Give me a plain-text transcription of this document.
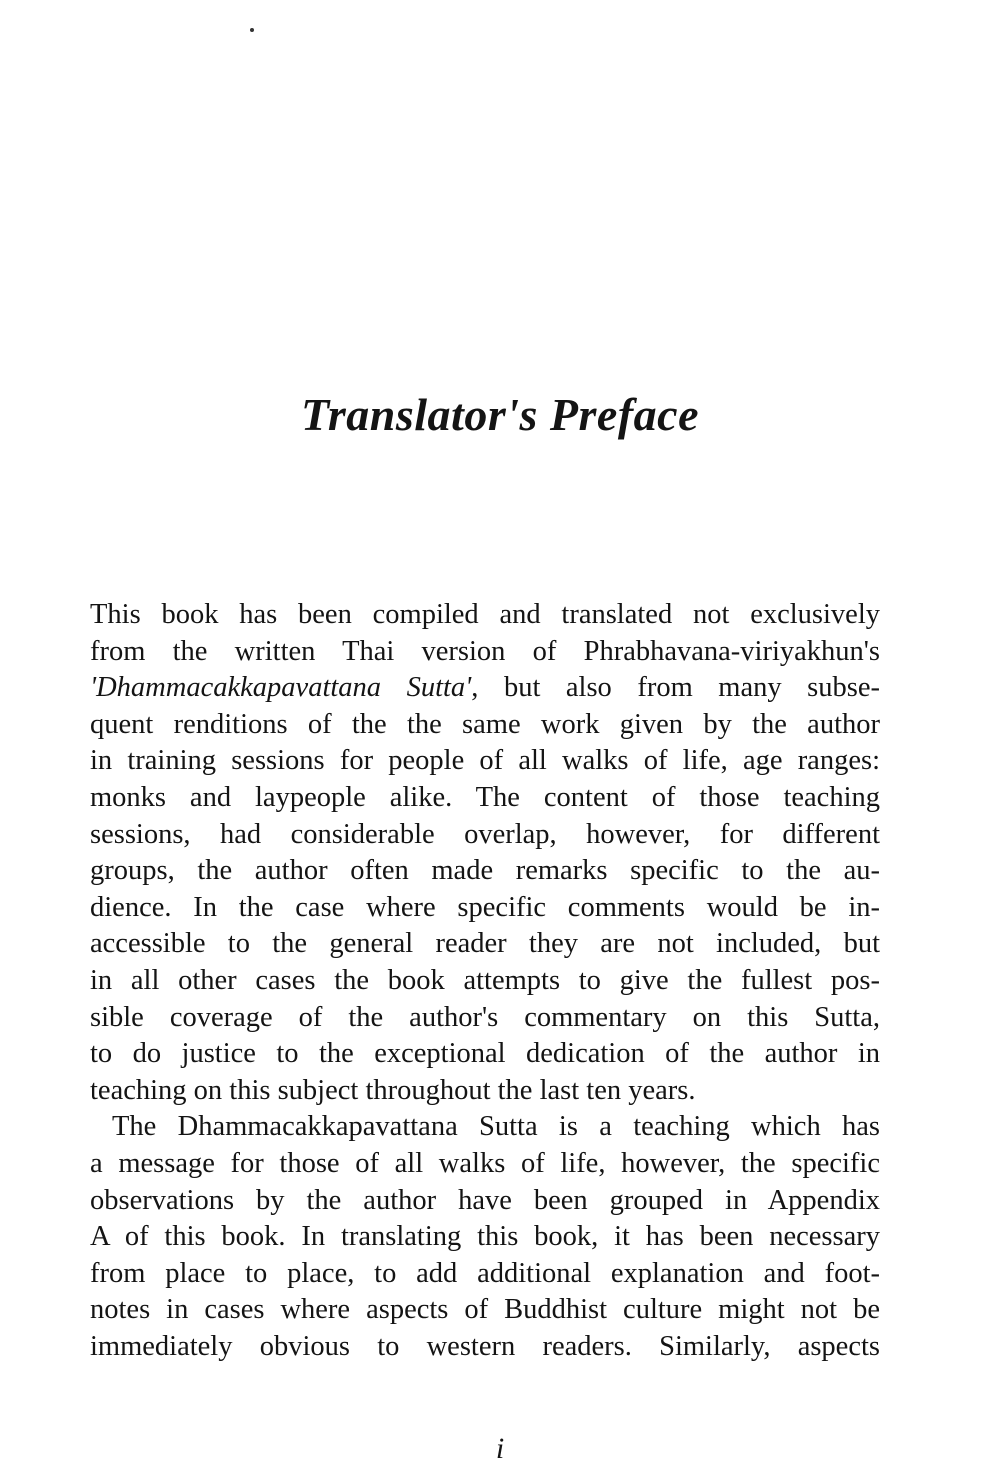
Translator's Preface
This book has been compiled and translated not exclusively
from the written Thai version of Phrabhavana-viriyakhun's
'Dhammacakkapavattana Sutta', but also from many subse-
quent renditions of the the same work given by the author
in training sessions for people of all walks of life, age ranges:
monks and laypeople alike. The content of those teaching
sessions, had considerable overlap, however, for different
groups, the author often made remarks specific to the au-
dience. In the case where specific comments would be in-
accessible to the general reader they are not included, but
in all other cases the book attempts to give the fullest pos-
sible coverage of the author's commentary on this Sutta,
to do justice to the exceptional dedication of the author in
teaching on this subject throughout the last ten years.
The Dhammacakkapavattana Sutta is a teaching which has
a message for those of all walks of life, however, the specific
observations by the author have been grouped in Appendix
A of this book. In translating this book, it has been necessary
from place to place, to add additional explanation and foot-
notes in cases where aspects of Buddhist culture might not be
immediately obvious to western readers. Similarly, aspects
i
